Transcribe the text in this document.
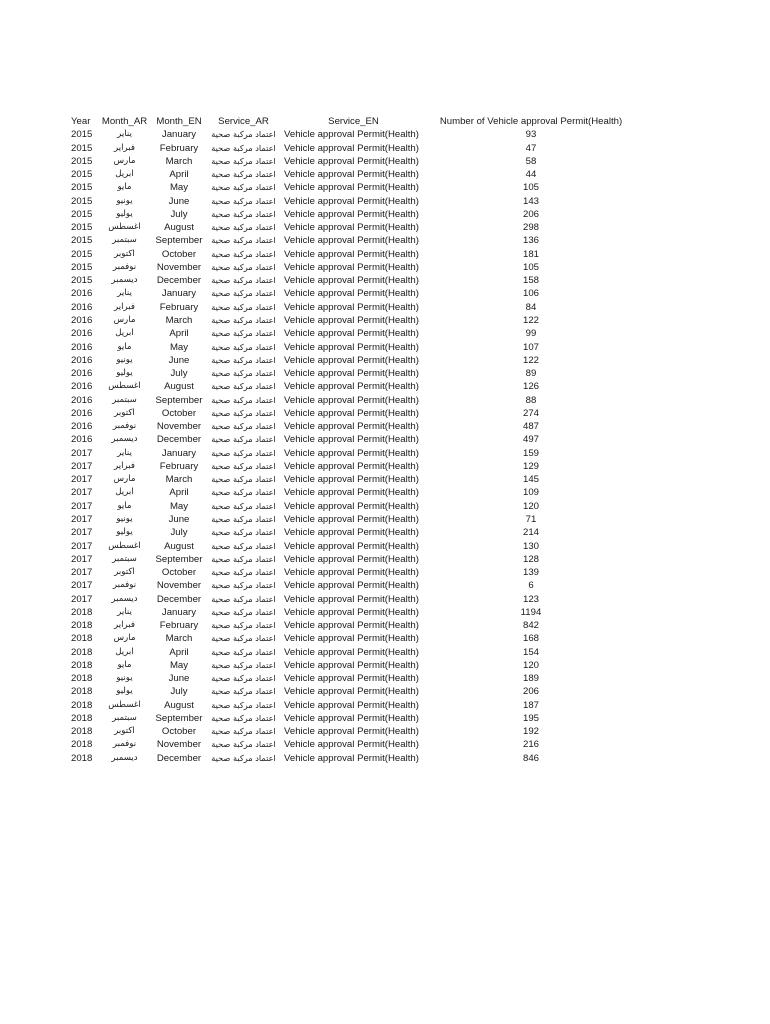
Year	Month_AR	Month_EN	Service_AR	Service_EN	Number of Vehicle approval Permit(Health)
2015	يناير	January	اعتماد مركبة صحية	Vehicle approval Permit(Health)	93
2015	فبراير	February	اعتماد مركبة صحية	Vehicle approval Permit(Health)	47
2015	مارس	March	اعتماد مركبة صحية	Vehicle approval Permit(Health)	58
2015	ابريل	April	اعتماد مركبة صحية	Vehicle approval Permit(Health)	44
2015	مايو	May	اعتماد مركبة صحية	Vehicle approval Permit(Health)	105
2015	يونيو	June	اعتماد مركبة صحية	Vehicle approval Permit(Health)	143
2015	يوليو	July	اعتماد مركبة صحية	Vehicle approval Permit(Health)	206
2015	اغسطس	August	اعتماد مركبة صحية	Vehicle approval Permit(Health)	298
2015	سبتمبر	September	اعتماد مركبة صحية	Vehicle approval Permit(Health)	136
2015	اكتوبر	October	اعتماد مركبة صحية	Vehicle approval Permit(Health)	181
2015	نوفمبر	November	اعتماد مركبة صحية	Vehicle approval Permit(Health)	105
2015	ديسمبر	December	اعتماد مركبة صحية	Vehicle approval Permit(Health)	158
2016	يناير	January	اعتماد مركبة صحية	Vehicle approval Permit(Health)	106
2016	فبراير	February	اعتماد مركبة صحية	Vehicle approval Permit(Health)	84
2016	مارس	March	اعتماد مركبة صحية	Vehicle approval Permit(Health)	122
2016	ابريل	April	اعتماد مركبة صحية	Vehicle approval Permit(Health)	99
2016	مايو	May	اعتماد مركبة صحية	Vehicle approval Permit(Health)	107
2016	يونيو	June	اعتماد مركبة صحية	Vehicle approval Permit(Health)	122
2016	يوليو	July	اعتماد مركبة صحية	Vehicle approval Permit(Health)	89
2016	اغسطس	August	اعتماد مركبة صحية	Vehicle approval Permit(Health)	126
2016	سبتمبر	September	اعتماد مركبة صحية	Vehicle approval Permit(Health)	88
2016	اكتوبر	October	اعتماد مركبة صحية	Vehicle approval Permit(Health)	274
2016	نوفمبر	November	اعتماد مركبة صحية	Vehicle approval Permit(Health)	487
2016	ديسمبر	December	اعتماد مركبة صحية	Vehicle approval Permit(Health)	497
2017	يناير	January	اعتماد مركبة صحية	Vehicle approval Permit(Health)	159
2017	فبراير	February	اعتماد مركبة صحية	Vehicle approval Permit(Health)	129
2017	مارس	March	اعتماد مركبة صحية	Vehicle approval Permit(Health)	145
2017	ابريل	April	اعتماد مركبة صحية	Vehicle approval Permit(Health)	109
2017	مايو	May	اعتماد مركبة صحية	Vehicle approval Permit(Health)	120
2017	يونيو	June	اعتماد مركبة صحية	Vehicle approval Permit(Health)	71
2017	يوليو	July	اعتماد مركبة صحية	Vehicle approval Permit(Health)	214
2017	اغسطس	August	اعتماد مركبة صحية	Vehicle approval Permit(Health)	130
2017	سبتمبر	September	اعتماد مركبة صحية	Vehicle approval Permit(Health)	128
2017	اكتوبر	October	اعتماد مركبة صحية	Vehicle approval Permit(Health)	139
2017	نوفمبر	November	اعتماد مركبة صحية	Vehicle approval Permit(Health)	6
2017	ديسمبر	December	اعتماد مركبة صحية	Vehicle approval Permit(Health)	123
2018	يناير	January	اعتماد مركبة صحية	Vehicle approval Permit(Health)	1194
2018	فبراير	February	اعتماد مركبة صحية	Vehicle approval Permit(Health)	842
2018	مارس	March	اعتماد مركبة صحية	Vehicle approval Permit(Health)	168
2018	ابريل	April	اعتماد مركبة صحية	Vehicle approval Permit(Health)	154
2018	مايو	May	اعتماد مركبة صحية	Vehicle approval Permit(Health)	120
2018	يونيو	June	اعتماد مركبة صحية	Vehicle approval Permit(Health)	189
2018	يوليو	July	اعتماد مركبة صحية	Vehicle approval Permit(Health)	206
2018	اغسطس	August	اعتماد مركبة صحية	Vehicle approval Permit(Health)	187
2018	سبتمبر	September	اعتماد مركبة صحية	Vehicle approval Permit(Health)	195
2018	اكتوبر	October	اعتماد مركبة صحية	Vehicle approval Permit(Health)	192
2018	نوفمبر	November	اعتماد مركبة صحية	Vehicle approval Permit(Health)	216
2018	ديسمبر	December	اعتماد مركبة صحية	Vehicle approval Permit(Health)	846
